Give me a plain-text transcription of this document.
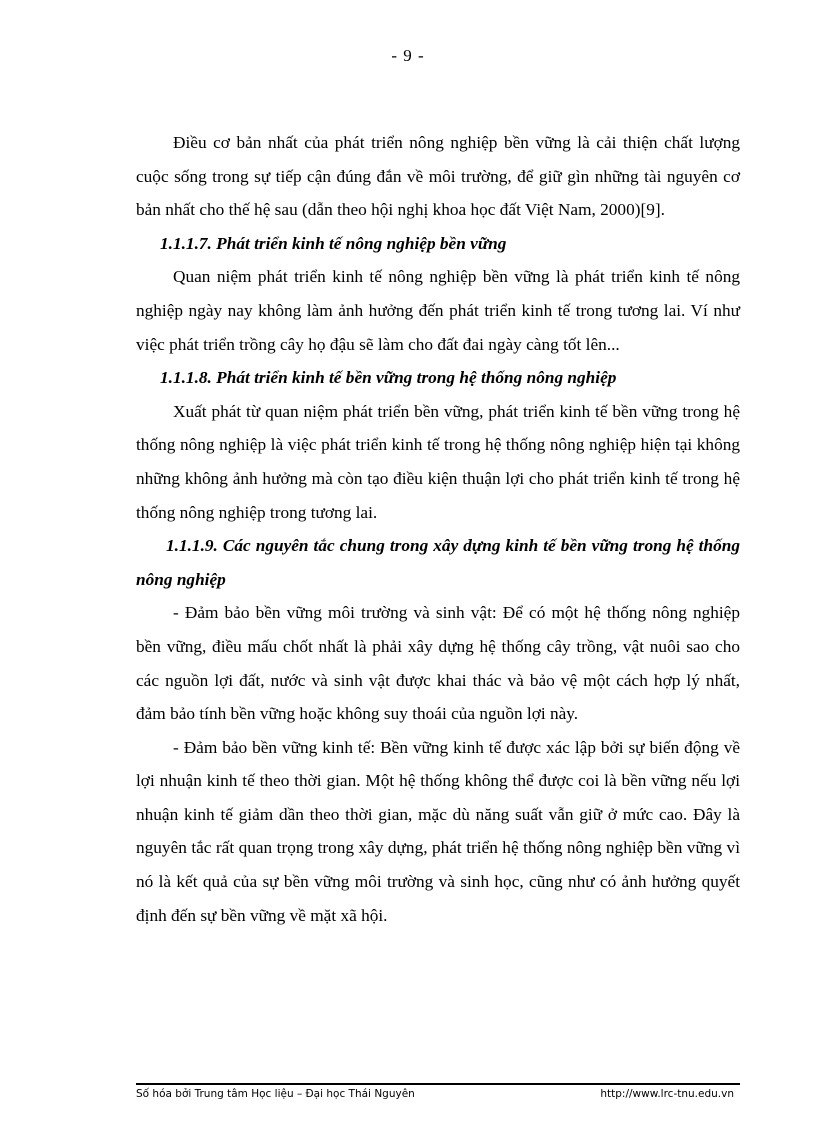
- 9 -

Điều cơ bản nhất của phát triển nông nghiệp bền vững là cải thiện chất lượng cuộc sống trong sự tiếp cận đúng đắn về môi trường, để giữ gìn những tài nguyên cơ bản nhất cho thế hệ sau (dẫn theo hội nghị khoa học đất Việt Nam, 2000)[9].

1.1.1.7. Phát triển kinh tế nông nghiệp bền vững

Quan niệm phát triển kinh tế nông nghiệp bền vững là phát triển kinh tế nông nghiệp ngày nay không làm ảnh hưởng đến phát triển kinh tế trong tương lai. Ví như việc phát triển trồng cây họ đậu sẽ làm cho đất đai ngày càng tốt lên...

1.1.1.8. Phát triển kinh tế bền vững trong hệ thống nông nghiệp

Xuất phát từ quan niệm phát triển bền vững, phát triển kinh tế bền vững trong hệ thống nông nghiệp là việc phát triển kinh tế trong hệ thống nông nghiệp hiện tại không những không ảnh hưởng mà còn tạo điều kiện thuận lợi cho phát triển kinh tế trong hệ thống nông nghiệp trong tương lai.

1.1.1.9. Các nguyên tắc chung trong xây dựng kinh tế bền vững trong hệ thống nông nghiệp

- Đảm bảo bền vững môi trường và sinh vật: Để có một hệ thống nông nghiệp bền vững, điều mấu chốt nhất là phải xây dựng hệ thống cây trồng, vật nuôi sao cho các nguồn lợi đất, nước và sinh vật được khai thác và bảo vệ một cách hợp lý nhất, đảm bảo tính bền vững hoặc không suy thoái của nguồn lợi này.

- Đảm bảo bền vững kinh tế: Bền vững kinh tế được xác lập bởi sự biến động về lợi nhuận kinh tế theo thời gian. Một hệ thống không thể được coi là bền vững nếu lợi nhuận kinh tế giảm dần theo thời gian, mặc dù năng suất vẫn giữ ở mức cao. Đây là nguyên tắc rất quan trọng trong xây dựng, phát triển hệ thống nông nghiệp bền vững vì nó là kết quả của sự bền vững môi trường và sinh học, cũng như có ảnh hưởng quyết định đến sự bền vững về mặt xã hội.

Số hóa bởi Trung tâm Học liệu – Đại học Thái Nguyên	http://www.lrc-tnu.edu.vn
